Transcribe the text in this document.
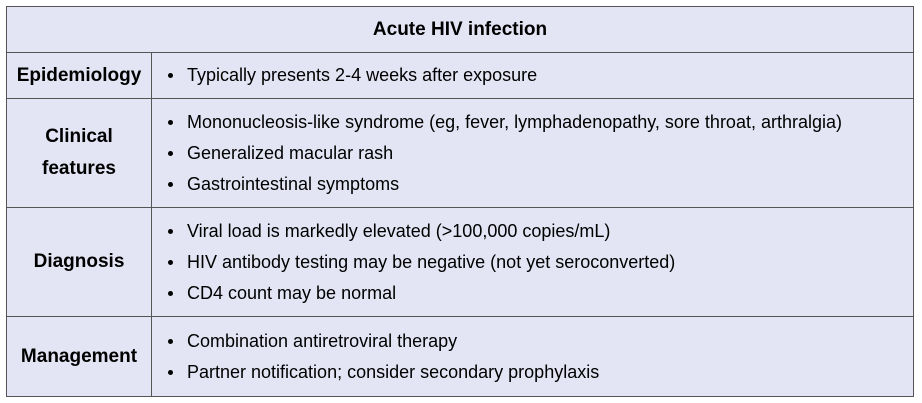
Acute HIV infection
Epidemiology	Typically presents 2-4 weeks after exposure
Clinical features
Mononucleosis-like syndrome (eg, fever, lymphadenopathy, sore throat, arthralgia)
Generalized macular rash
Gastrointestinal symptoms
Diagnosis
Viral load is markedly elevated (>100,000 copies/mL)
HIV antibody testing may be negative (not yet seroconverted)
CD4 count may be normal
Management
Combination antiretroviral therapy
Partner notification; consider secondary prophylaxis
